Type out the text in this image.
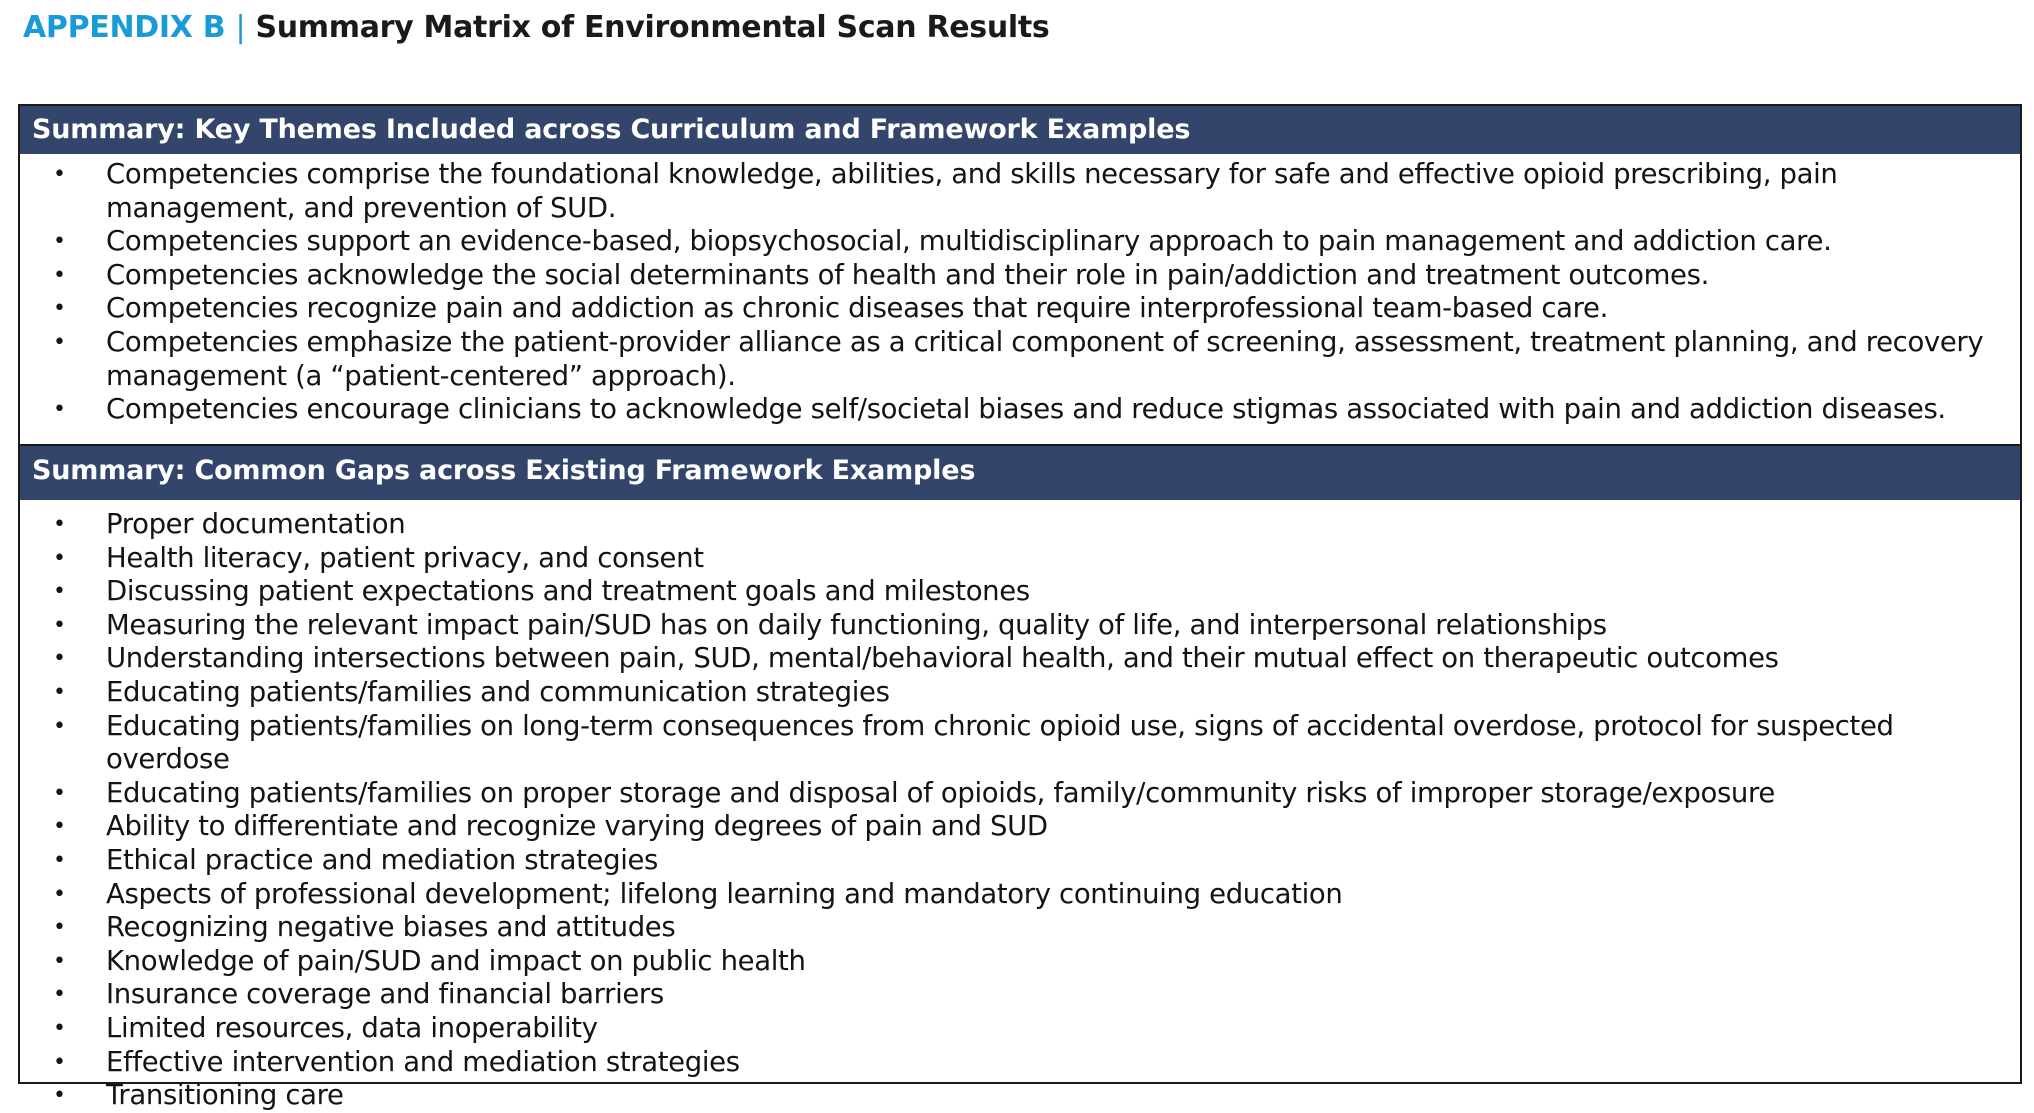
APPENDIX B | Summary Matrix of Environmental Scan Results
Summary: Key Themes Included across Curriculum and Framework Examples
• Competencies comprise the foundational knowledge, abilities, and skills necessary for safe and effective opioid prescribing, pain management, and prevention of SUD.
• Competencies support an evidence-based, biopsychosocial, multidisciplinary approach to pain management and addiction care.
• Competencies acknowledge the social determinants of health and their role in pain/addiction and treatment outcomes.
• Competencies recognize pain and addiction as chronic diseases that require interprofessional team-based care.
• Competencies emphasize the patient-provider alliance as a critical component of screening, assessment, treatment planning, and recovery management (a “patient-centered” approach).
• Competencies encourage clinicians to acknowledge self/societal biases and reduce stigmas associated with pain and addiction diseases.
Summary: Common Gaps across Existing Framework Examples
• Proper documentation
• Health literacy, patient privacy, and consent
• Discussing patient expectations and treatment goals and milestones
• Measuring the relevant impact pain/SUD has on daily functioning, quality of life, and interpersonal relationships
• Understanding intersections between pain, SUD, mental/behavioral health, and their mutual effect on therapeutic outcomes
• Educating patients/families and communication strategies
• Educating patients/families on long-term consequences from chronic opioid use, signs of accidental overdose, protocol for suspected overdose
• Educating patients/families on proper storage and disposal of opioids, family/community risks of improper storage/exposure
• Ability to differentiate and recognize varying degrees of pain and SUD
• Ethical practice and mediation strategies
• Aspects of professional development; lifelong learning and mandatory continuing education
• Recognizing negative biases and attitudes
• Knowledge of pain/SUD and impact on public health
• Insurance coverage and financial barriers
• Limited resources, data inoperability
• Effective intervention and mediation strategies
• Transitioning care
